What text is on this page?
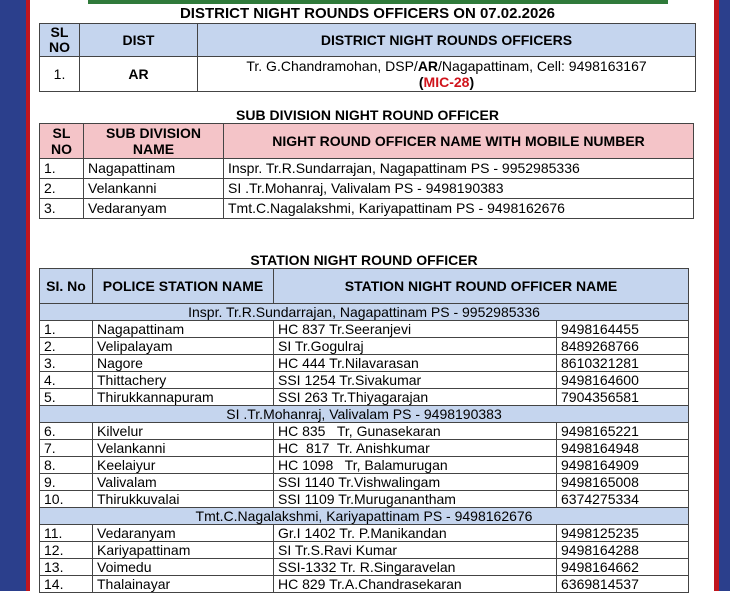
DISTRICT NIGHT ROUNDS OFFICERS ON 07.02.2026
SL NO	DIST	DISTRICT NIGHT ROUNDS OFFICERS
1.	AR	Tr. G.Chandramohan, DSP/AR/Nagapattinam, Cell: 9498163167
(MIC-28)
SUB DIVISION NIGHT ROUND OFFICER
SL NO	SUB DIVISION NAME	NIGHT ROUND OFFICER NAME WITH MOBILE NUMBER
1.	Nagapattinam	Inspr. Tr.R.Sundarrajan, Nagapattinam PS - 9952985336
2.	Velankanni	SI .Tr.Mohanraj, Valivalam PS - 9498190383
3.	Vedaranyam	Tmt.C.Nagalakshmi, Kariyapattinam PS - 9498162676
STATION NIGHT ROUND OFFICER
SI. No	POLICE STATION NAME	STATION NIGHT ROUND OFFICER NAME	
Inspr. Tr.R.Sundarrajan, Nagapattinam PS - 9952985336			
1.	Nagapattinam	HC 837 Tr.Seeranjevi	9498164455
2.	Velipalayam	SI Tr.Gogulraj	8489268766
3.	Nagore	HC 444 Tr.Nilavarasan	8610321281
4.	Thittachery	SSI 1254 Tr.Sivakumar	9498164600
5.	Thirukkannapuram	SSI 263 Tr.Thiyagarajan	7904356581
SI .Tr.Mohanraj, Valivalam PS - 9498190383			
6.	Kilvelur	HC 835   Tr, Gunasekaran	9498165221
7.	Velankanni	HC  817  Tr. Anishkumar	9498164948
8.	Keelaiyur	HC 1098   Tr, Balamurugan	9498164909
9.	Valivalam	SSI 1140 Tr.Vishwalingam	9498165008
10.	Thirukkuvalai	SSI 1109 Tr.Muruganantham	6374275334
Tmt.C.Nagalakshmi, Kariyapattinam PS - 9498162676			
11.	Vedaranyam	Gr.I 1402 Tr. P.Manikandan	9498125235
12.	Kariyapattinam	SI Tr.S.Ravi Kumar	9498164288
13.	Voimedu	SSI-1332 Tr. R.Singaravelan	9498164662
14.	Thalainayar	HC 829 Tr.A.Chandrasekaran	6369814537
